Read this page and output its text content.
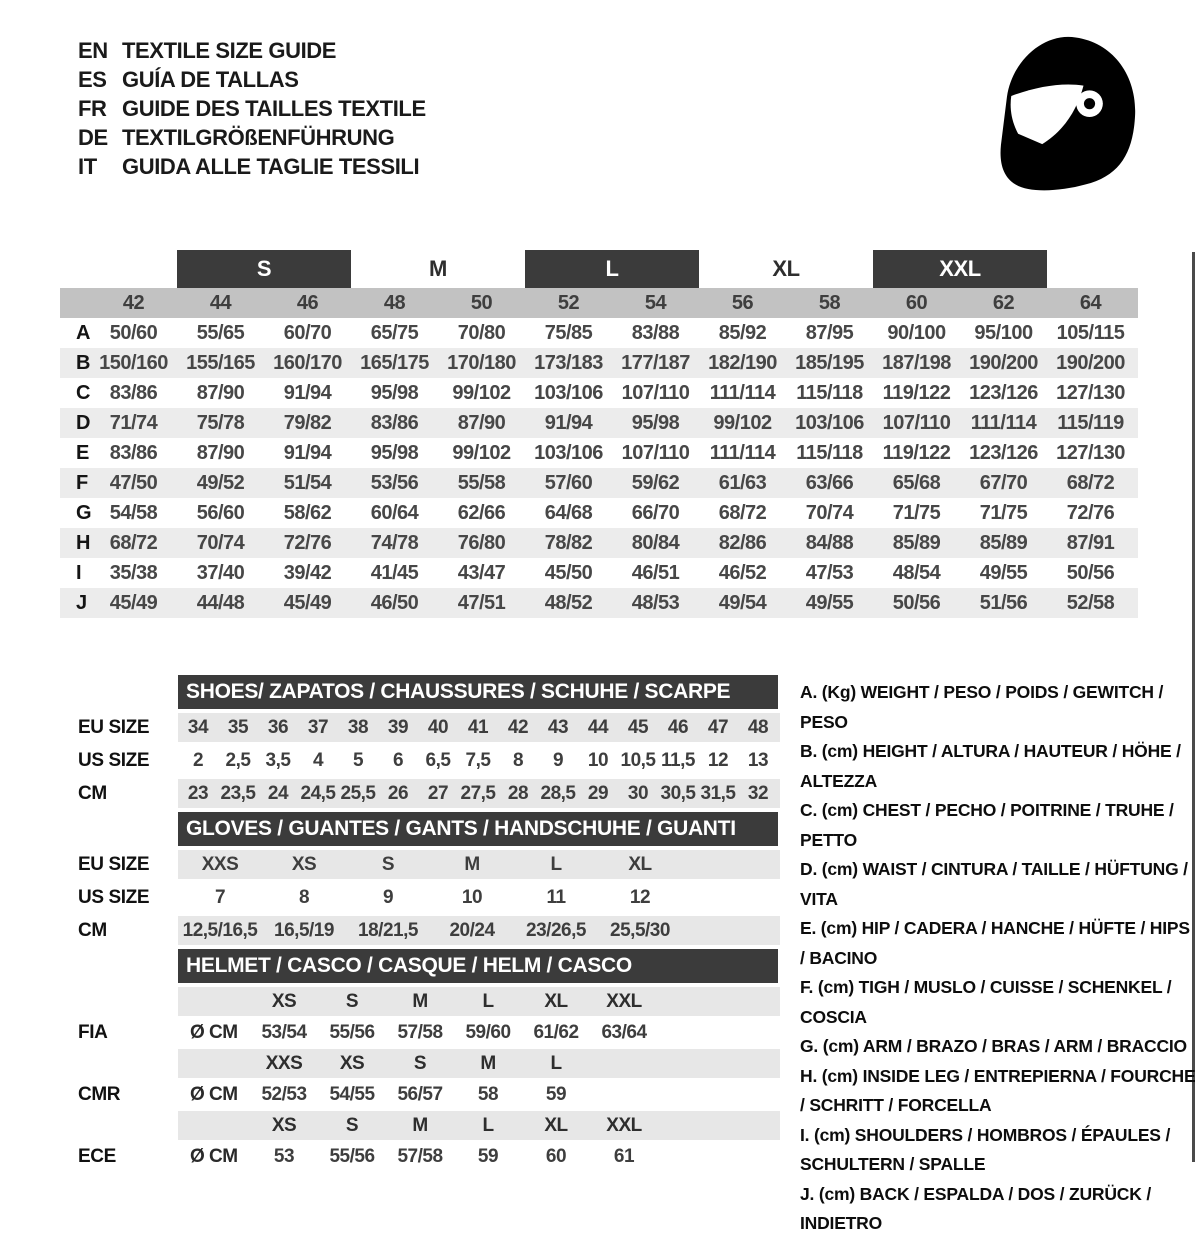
EN TEXTILE SIZE GUIDE
ES GUÍA DE TALLAS
FR GUIDE DES TAILLES TEXTILE
DE TEXTILGRÖßENFÜHRUNG
IT	GUIDA ALLE TAGLIE TESSILI
S	M	L	XL	XXL
42	44	46	48	50	52	54	56	58	60	62	64
A 50/60	55/65	60/70	65/75	70/80	75/85	83/88	85/92	87/95	90/100	95/100	105/115
B 150/160 155/165 160/170 165/175 170/180 173/183 177/187 182/190 185/195 187/198 190/200 190/200
C 83/86	87/90	91/94	95/98	99/102	103/106 107/110	111/114	115/118 119/122 123/126 127/130
D 71/74	75/78	79/82	83/86	87/90	91/94	95/98	99/102	103/106 107/110	111/114	115/119
E	83/86	87/90	91/94	95/98	99/102	103/106 107/110	111/114	115/118 119/122 123/126 127/130
F	47/50	49/52	51/54	53/56	55/58	57/60	59/62	61/63	63/66	65/68	67/70	68/72
G 54/58	56/60	58/62	60/64	62/66	64/68	66/70	68/72	70/74	71/75	71/75	72/76
H 68/72	70/74	72/76	74/78	76/80	78/82	80/84	82/86	84/88	85/89	85/89	87/91
I	35/38	37/40	39/42	41/45	43/47	45/50	46/51	46/52	47/53	48/54	49/55	50/56
J	45/49	44/48	45/49	46/50	47/51	48/52	48/53	49/54	49/55	50/56	51/56	52/58
SHOES/ ZAPATOS / CHAUSSURES / SCHUHE / SCARPE
EU SIZE	34	35	36	37	38	39	40	41	42	43	44	45	46	47	48
US SIZE	2	2,5 3,5	4	5	6	6,5 7,5	8	9	10 10,5 11,5 12	13
CM	23 23,5 24 24,5 25,5 26	27 27,5 28 28,5 29	30 30,5 31,5 32
GLOVES / GUANTES / GANTS / HANDSCHUHE / GUANTI
EU SIZE	XXS	XS	S	M	L	XL
US SIZE	7	8	9	10	11	12
CM	12,5/16,5 16,5/19	18/21,5	20/24	23/26,5	25,5/30
HELMET / CASCO / CASQUE / HELM / CASCO
XS	S	M	L	XL	XXL
FIA	Ø CM	53/54	55/56	57/58	59/60	61/62	63/64
XXS	XS	S	M	L
CMR	Ø CM	52/53	54/55	56/57	58	59
XS	S	M	L	XL	XXL
ECE	Ø CM	53	55/56	57/58	59	60	61
A. (Kg) WEIGHT / PESO / POIDS / GEWITCH / PESO
B. (cm) HEIGHT / ALTURA / HAUTEUR / HÖHE / ALTEZZA
C. (cm) CHEST / PECHO / POITRINE / TRUHE / PETTO
D. (cm) WAIST / CINTURA / TAILLE / HÜFTUNG / VITA
E. (cm) HIP / CADERA / HANCHE / HÜFTE / HIPS / BACINO
F. (cm) TIGH / MUSLO / CUISSE / SCHENKEL / COSCIA
G. (cm) ARM / BRAZO / BRAS / ARM / BRACCIO
H. (cm) INSIDE LEG / ENTREPIERNA / FOURCHE / SCHRITT / FORCELLA
I. (cm) SHOULDERS / HOMBROS / ÉPAULES / SCHULTERN / SPALLE
J. (cm) BACK / ESPALDA / DOS / ZURÜCK / INDIETRO
